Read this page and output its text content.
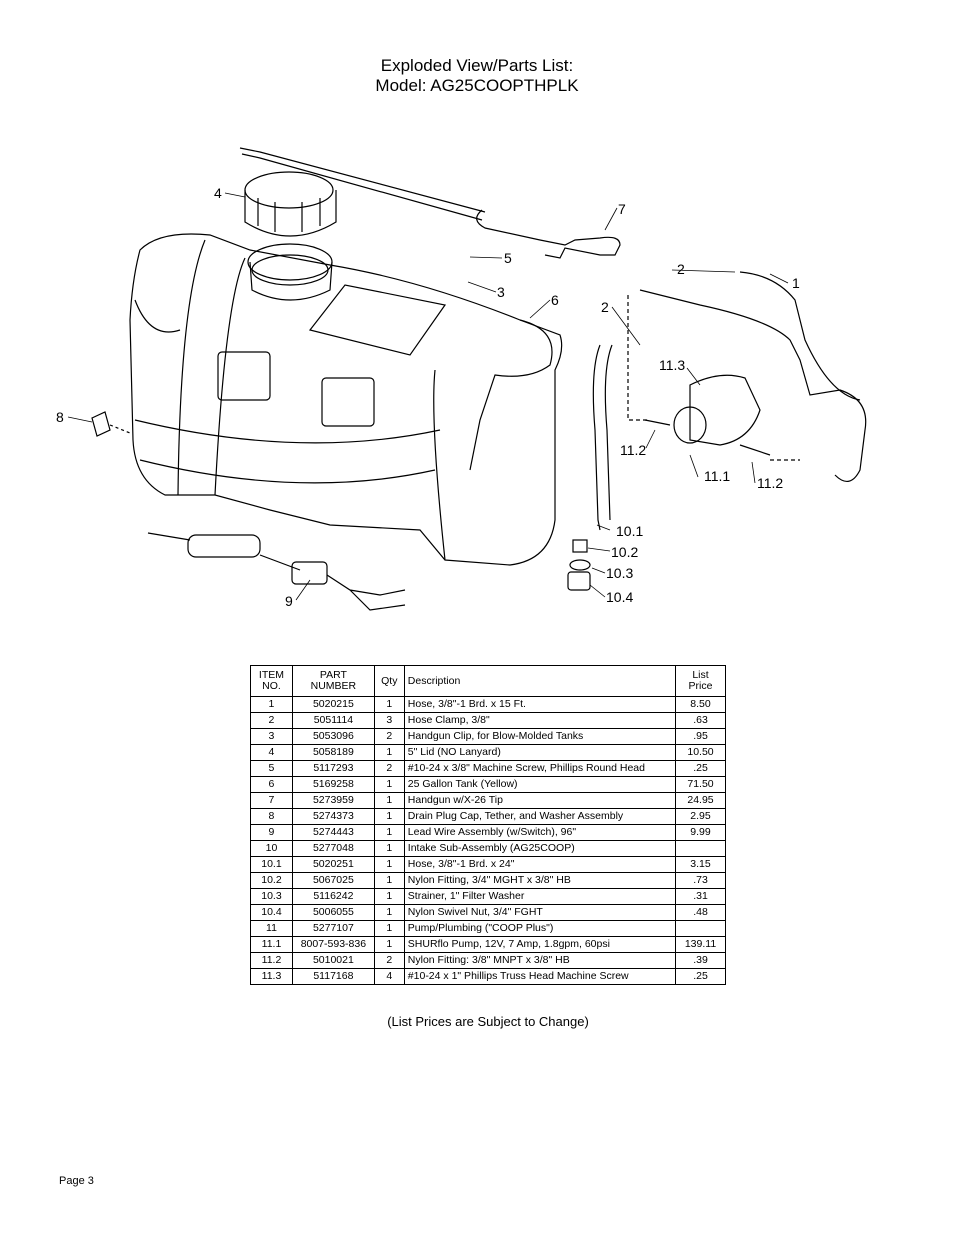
Exploded View/Parts List:
Model: AG25COOPTHPLK
1
2
2
3
4
5
6
7
8
9
10.1
10.2
10.3
10.4
11.1
11.2
11.2
11.3
ITEM NO.	PART NUMBER	Qty	Description	List Price
1	5020215	1	Hose, 3/8"-1 Brd. x 15 Ft.	8.50
2	5051114	3	Hose Clamp, 3/8"	.63
3	5053096	2	Handgun Clip, for Blow-Molded Tanks	.95
4	5058189	1	5" Lid (NO Lanyard)	10.50
5	5117293	2	#10-24 x 3/8" Machine Screw, Phillips Round Head	.25
6	5169258	1	25 Gallon Tank (Yellow)	71.50
7	5273959	1	Handgun w/X-26 Tip	24.95
8	5274373	1	Drain Plug Cap, Tether, and Washer Assembly	2.95
9	5274443	1	Lead Wire Assembly (w/Switch), 96"	9.99
10	5277048	1	Intake Sub-Assembly (AG25COOP)	
10.1	5020251	1	Hose, 3/8"-1 Brd. x 24"	3.15
10.2	5067025	1	Nylon Fitting, 3/4" MGHT x 3/8" HB	.73
10.3	5116242	1	Strainer, 1" Filter Washer	.31
10.4	5006055	1	Nylon Swivel Nut, 3/4" FGHT	.48
11	5277107	1	Pump/Plumbing ("COOP Plus")	
11.1	8007-593-836	1	SHURflo Pump, 12V, 7 Amp, 1.8gpm, 60psi	139.11
11.2	5010021	2	Nylon Fitting: 3/8" MNPT x 3/8" HB	.39
11.3	5117168	4	#10-24 x 1" Phillips Truss Head Machine Screw	.25
(List Prices are Subject to Change)
Page 3
